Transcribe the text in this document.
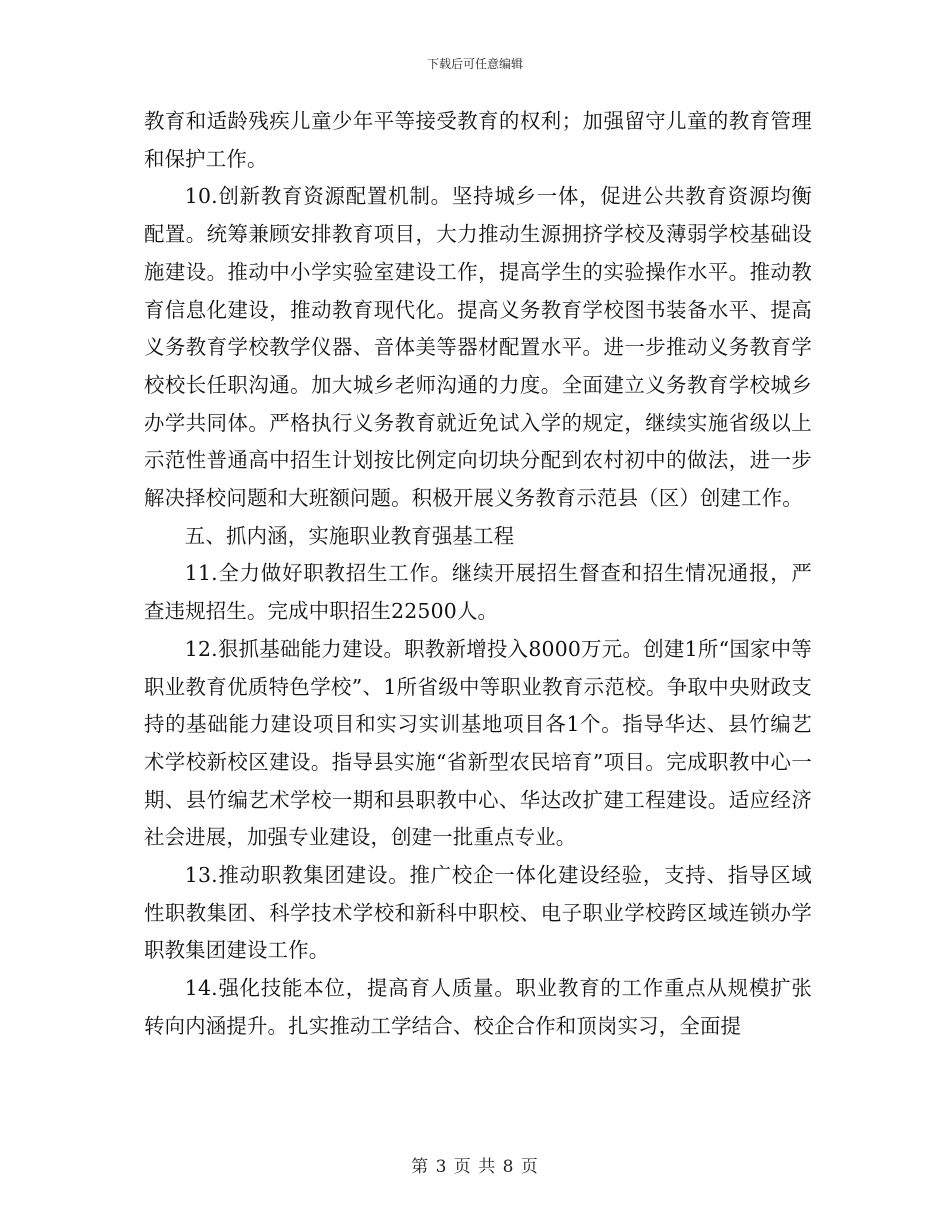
下载后可任意编辑

教育和适龄残疾儿童少年平等接受教育的权利；加强留守儿童的教育管理和保护工作。

10.创新教育资源配置机制。坚持城乡一体，促进公共教育资源均衡配置。统筹兼顾安排教育项目，大力推动生源拥挤学校及薄弱学校基础设施建设。推动中小学实验室建设工作，提高学生的实验操作水平。推动教育信息化建设，推动教育现代化。提高义务教育学校图书装备水平、提高义务教育学校教学仪器、音体美等器材配置水平。进一步推动义务教育学校校长任职沟通。加大城乡老师沟通的力度。全面建立义务教育学校城乡办学共同体。严格执行义务教育就近免试入学的规定，继续实施省级以上示范性普通高中招生计划按比例定向切块分配到农村初中的做法，进一步解决择校问题和大班额问题。积极开展义务教育示范县（区）创建工作。

五、抓内涵，实施职业教育强基工程

11.全力做好职教招生工作。继续开展招生督查和招生情况通报，严查违规招生。完成中职招生22500人。

12.狠抓基础能力建设。职教新增投入8000万元。创建1所“国家中等职业教育优质特色学校”、1所省级中等职业教育示范校。争取中央财政支持的基础能力建设项目和实习实训基地项目各1个。指导华达、县竹编艺术学校新校区建设。指导县实施“省新型农民培育”项目。完成职教中心一期、县竹编艺术学校一期和县职教中心、华达改扩建工程建设。适应经济社会进展，加强专业建设，创建一批重点专业。

13.推动职教集团建设。推广校企一体化建设经验，支持、指导区域性职教集团、科学技术学校和新科中职校、电子职业学校跨区域连锁办学职教集团建设工作。

14.强化技能本位，提高育人质量。职业教育的工作重点从规模扩张转向内涵提升。扎实推动工学结合、校企合作和顶岗实习，全面提

第 3 页 共 8 页
